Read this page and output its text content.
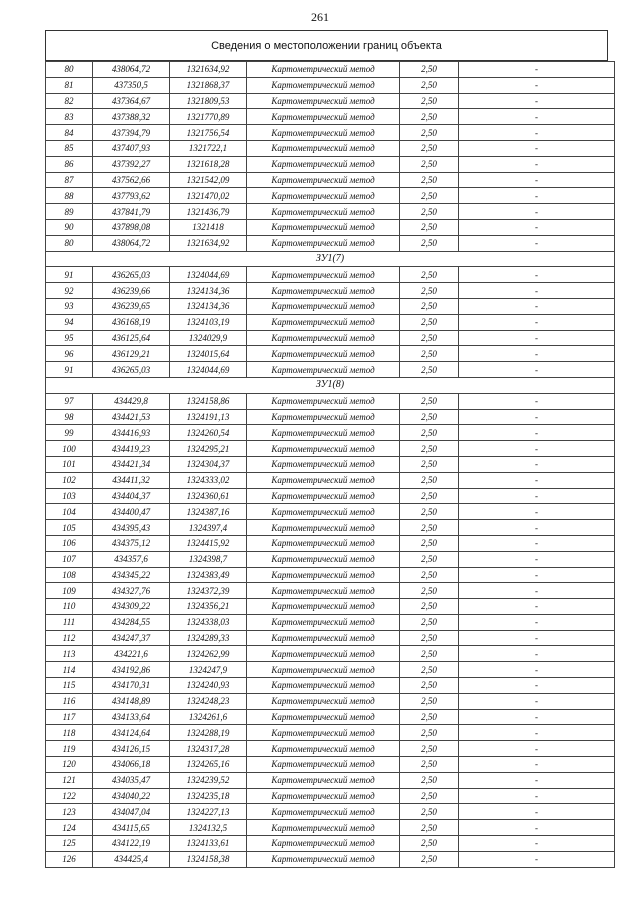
261
Сведения о местоположении границ объекта
80	438064,72	1321634,92	Картометрический метод	2,50	-
81	437350,5	1321868,37	Картометрический метод	2,50	-
82	437364,67	1321809,53	Картометрический метод	2,50	-
83	437388,32	1321770,89	Картометрический метод	2,50	-
84	437394,79	1321756,54	Картометрический метод	2,50	-
85	437407,93	1321722,1	Картометрический метод	2,50	-
86	437392,27	1321618,28	Картометрический метод	2,50	-
87	437562,66	1321542,09	Картометрический метод	2,50	-
88	437793,62	1321470,02	Картометрический метод	2,50	-
89	437841,79	1321436,79	Картометрический метод	2,50	-
90	437898,08	1321418	Картометрический метод	2,50	-
80	438064,72	1321634,92	Картометрический метод	2,50	-
ЗУ1(7)					
91	436265,03	1324044,69	Картометрический метод	2,50	-
92	436239,66	1324134,36	Картометрический метод	2,50	-
93	436239,65	1324134,36	Картометрический метод	2,50	-
94	436168,19	1324103,19	Картометрический метод	2,50	-
95	436125,64	1324029,9	Картометрический метод	2,50	-
96	436129,21	1324015,64	Картометрический метод	2,50	-
91	436265,03	1324044,69	Картометрический метод	2,50	-
ЗУ1(8)					
97	434429,8	1324158,86	Картометрический метод	2,50	-
98	434421,53	1324191,13	Картометрический метод	2,50	-
99	434416,93	1324260,54	Картометрический метод	2,50	-
100	434419,23	1324295,21	Картометрический метод	2,50	-
101	434421,34	1324304,37	Картометрический метод	2,50	-
102	434411,32	1324333,02	Картометрический метод	2,50	-
103	434404,37	1324360,61	Картометрический метод	2,50	-
104	434400,47	1324387,16	Картометрический метод	2,50	-
105	434395,43	1324397,4	Картометрический метод	2,50	-
106	434375,12	1324415,92	Картометрический метод	2,50	-
107	434357,6	1324398,7	Картометрический метод	2,50	-
108	434345,22	1324383,49	Картометрический метод	2,50	-
109	434327,76	1324372,39	Картометрический метод	2,50	-
110	434309,22	1324356,21	Картометрический метод	2,50	-
111	434284,55	1324338,03	Картометрический метод	2,50	-
112	434247,37	1324289,33	Картометрический метод	2,50	-
113	434221,6	1324262,99	Картометрический метод	2,50	-
114	434192,86	1324247,9	Картометрический метод	2,50	-
115	434170,31	1324240,93	Картометрический метод	2,50	-
116	434148,89	1324248,23	Картометрический метод	2,50	-
117	434133,64	1324261,6	Картометрический метод	2,50	-
118	434124,64	1324288,19	Картометрический метод	2,50	-
119	434126,15	1324317,28	Картометрический метод	2,50	-
120	434066,18	1324265,16	Картометрический метод	2,50	-
121	434035,47	1324239,52	Картометрический метод	2,50	-
122	434040,22	1324235,18	Картометрический метод	2,50	-
123	434047,04	1324227,13	Картометрический метод	2,50	-
124	434115,65	1324132,5	Картометрический метод	2,50	-
125	434122,19	1324133,61	Картометрический метод	2,50	-
126	434425,4	1324158,38	Картометрический метод	2,50	-
